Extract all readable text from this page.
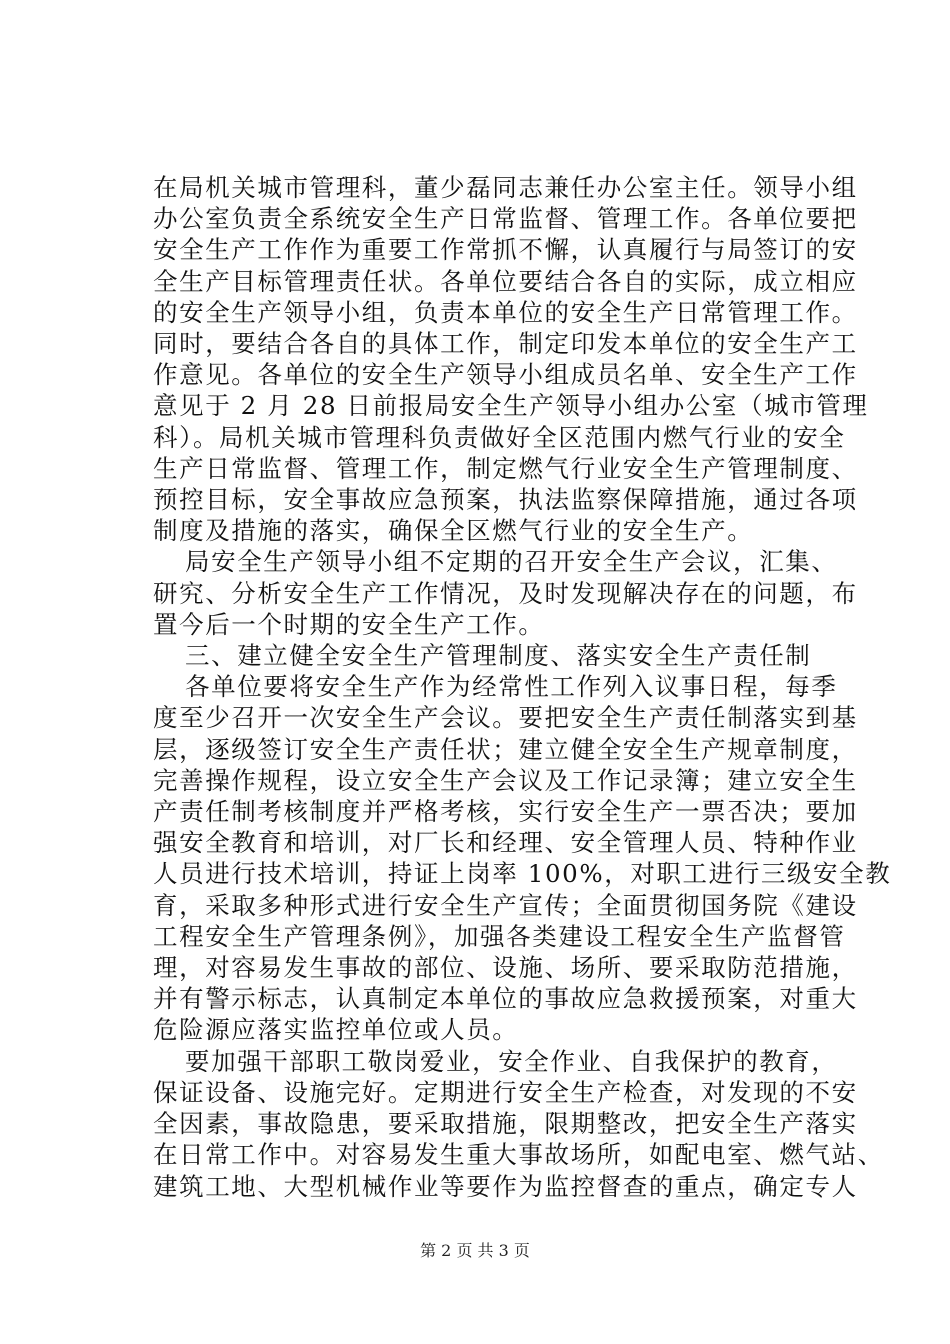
在局机关城市管理科，董少磊同志兼任办公室主任。领导小组
办公室负责全系统安全生产日常监督、管理工作。各单位要把
安全生产工作作为重要工作常抓不懈，认真履行与局签订的安
全生产目标管理责任状。各单位要结合各自的实际，成立相应
的安全生产领导小组，负责本单位的安全生产日常管理工作。
同时，要结合各自的具体工作，制定印发本单位的安全生产工
作意见。各单位的安全生产领导小组成员名单、安全生产工作
意见于 2 月 28 日前报局安全生产领导小组办公室（城市管理
科）。局机关城市管理科负责做好全区范围内燃气行业的安全
生产日常监督、管理工作，制定燃气行业安全生产管理制度、
预控目标，安全事故应急预案，执法监察保障措施，通过各项
制度及措施的落实，确保全区燃气行业的安全生产。
局安全生产领导小组不定期的召开安全生产会议，汇集、
研究、分析安全生产工作情况，及时发现解决存在的问题，布
置今后一个时期的安全生产工作。
三、建立健全安全生产管理制度、落实安全生产责任制
各单位要将安全生产作为经常性工作列入议事日程，每季
度至少召开一次安全生产会议。要把安全生产责任制落实到基
层，逐级签订安全生产责任状；建立健全安全生产规章制度，
完善操作规程，设立安全生产会议及工作记录簿；建立安全生
产责任制考核制度并严格考核，实行安全生产一票否决；要加
强安全教育和培训，对厂长和经理、安全管理人员、特种作业
人员进行技术培训，持证上岗率 100%，对职工进行三级安全教
育，采取多种形式进行安全生产宣传；全面贯彻国务院《建设
工程安全生产管理条例》，加强各类建设工程安全生产监督管
理，对容易发生事故的部位、设施、场所、要采取防范措施，
并有警示标志，认真制定本单位的事故应急救援预案，对重大
危险源应落实监控单位或人员。
要加强干部职工敬岗爱业，安全作业、自我保护的教育，
保证设备、设施完好。定期进行安全生产检查，对发现的不安
全因素，事故隐患，要采取措施，限期整改，把安全生产落实
在日常工作中。对容易发生重大事故场所，如配电室、燃气站、
建筑工地、大型机械作业等要作为监控督查的重点，确定专人
第 2 页 共 3 页
